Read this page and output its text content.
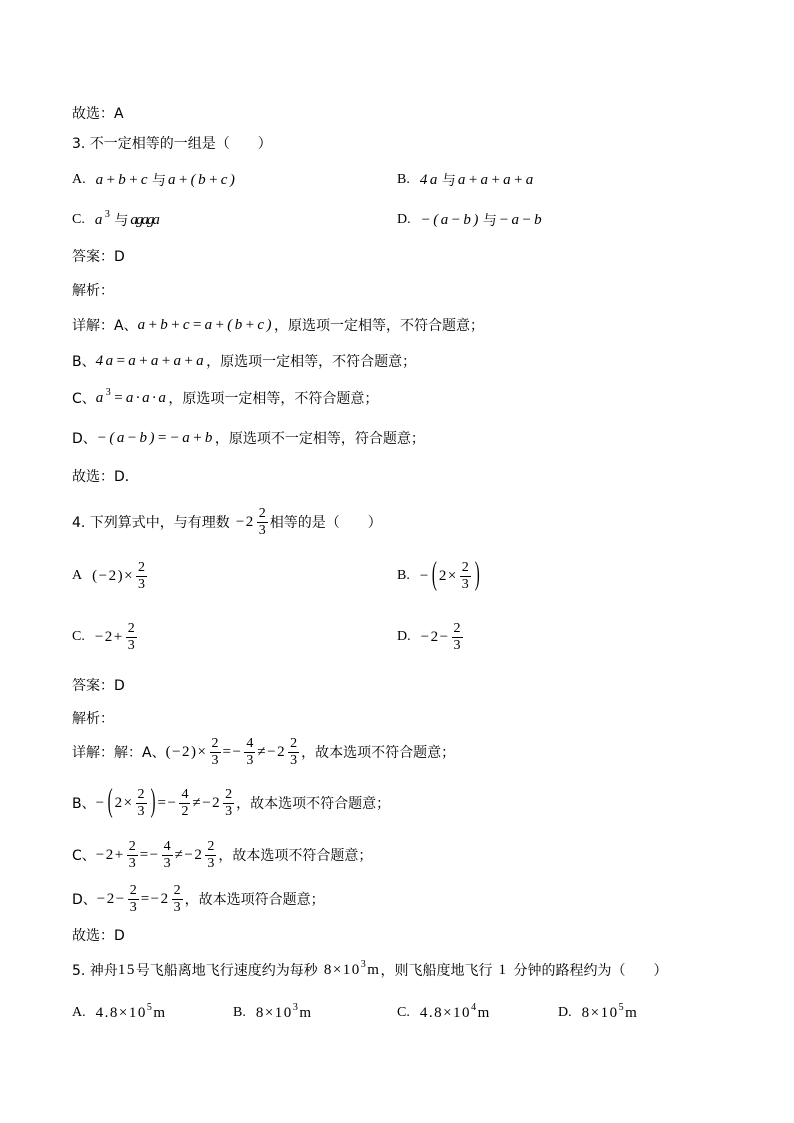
故选：A
3. 不一定相等的一组是（　　）
A. a+b+c 与 a+(b+c)	B. 4a 与 a+a+a+a
C. $a^3$ 与 agaga	D. −(a−b) 与 −a−b
答案：D
解析：
详解：A、 a+b+c=a+(b+c) ，原选项一定相等，不符合题意；
B、 4a=a+a+a+a ，原选项一定相等，不符合题意；
C、 $a^3=a\cdot a\cdot a$ ，原选项一定相等，不符合题意；
D、 −(a−b)=−a+b ，原选项不一定相等，符合题意；
故选：D．
4. 下列算式中，与有理数 $-2 \frac{2}{3}$ 相等的是（　　）
A $(-2)\times \frac{2}{3}$	B. − ( $2\times \frac{2}{3}$ )
C. $-2+ \frac{2}{3}$	D. $-2- \frac{2}{3}$
答案：D
解析：
详解：解：A、 $(-2)\times \frac{2}{3} =- \frac{4}{3} \ne-2 \frac{2}{3}$ ，故本选项不符合题意；
B、 − ( $2\times \frac{2}{3}$ ) =− $\frac{4}{2} \ne-2 \frac{2}{3}$ ，故本选项不符合题意；
C、 $-2+ \frac{2}{3} =- \frac{4}{3} \ne-2 \frac{2}{3}$ ，故本选项不符合题意；
D、 $-2- \frac{2}{3} =-2 \frac{2}{3}$ ，故本选项符合题意；
故选：D
5. 神舟 15 号飞船离地飞行速度约为每秒 $8\times 10^3m$ ，则飞船度地飞行 1 分钟的路程约为（　　）
A. $4.8\times 10^5m$	B. $8\times 10^3m$	C. $4.8\times 10^4m$	D. $8\times 10^5m$
